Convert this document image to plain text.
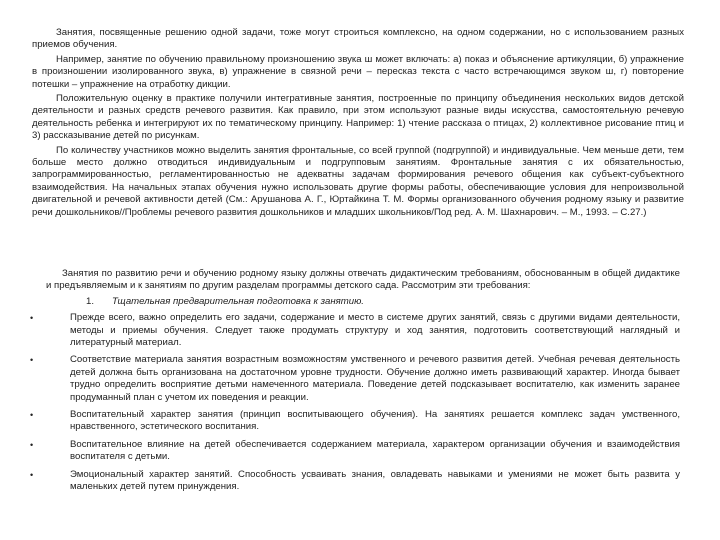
Занятия, посвященные решению одной задачи, тоже могут строиться комплексно, на одном содержании, но с использованием разных приемов обучения.

Например, занятие по обучению правильному произношению звука ш может включать: а) показ и объяснение артикуляции, б) упражнение в произношении изолированного звука, в) упражнение в связной речи – пересказ текста с часто встречающимся звуком ш, г) повторение потешки – упражнение на отработку дикции.

Положительную оценку в практике получили интегративные занятия, построенные по принципу объединения нескольких видов детской деятельности и разных средств речевого развития. Как правило, при этом используют разные виды искусства, самостоятельную речевую деятельность ребенка и интегрируют их по тематическому принципу. Например: 1) чтение рассказа о птицах, 2) коллективное рисование птиц и 3) рассказывание детей по рисункам.

По количеству участников можно выделить занятия фронтальные, со всей группой (подгруппой) и индивидуальные. Чем меньше дети, тем больше место должно отводиться индивидуальным и подгрупповым занятиям. Фронтальные занятия с их обязательностью, запрограммированностью, регламентированностью не адекватны задачам формирования речевого общения как субъект-субъектного взаимодействия. На начальных этапах обучения нужно использовать другие формы работы, обеспечивающие условия для непроизвольной двигательной и речевой активности детей (См.: Арушанова А. Г., Юртайкина Т. М. Формы организованного обучения родному языку и развитие речи дошкольников//Проблемы речевого развития дошкольников и младших школьников/Под ред. А. М. Шахнарович. – М., 1993. – С.27.)

Занятия по развитию речи и обучению родному языку должны отвечать дидактическим требованиям, обоснованным в общей дидактике и предъявляемым и к занятиям по другим разделам программы детского сада. Рассмотрим эти требования:

1. Тщательная предварительная подготовка к занятию.
•	Прежде всего, важно определить его задачи, содержание и место в системе других занятий, связь с другими видами деятельности, методы и приемы обучения. Следует также продумать структуру и ход занятия, подготовить соответствующий наглядный и литературный материал.
•	Соответствие материала занятия возрастным возможностям умственного и речевого развития детей. Учебная речевая деятельность детей должна быть организована на достаточном уровне трудности. Обучение должно иметь развивающий характер. Иногда бывает трудно определить восприятие детьми намеченного материала. Поведение детей подсказывает воспитателю, как изменить заранее продуманный план с учетом их поведения и реакции.
•	Воспитательный характер занятия (принцип воспитывающего обучения). На занятиях решается комплекс задач умственного, нравственного, эстетического воспитания.
•	Воспитательное влияние на детей обеспечивается содержанием материала, характером организации обучения и взаимодействия воспитателя с детьми.
•	Эмоциональный характер занятий. Способность усваивать знания, овладевать навыками и умениями не может быть развита у маленьких детей путем принуждения.
